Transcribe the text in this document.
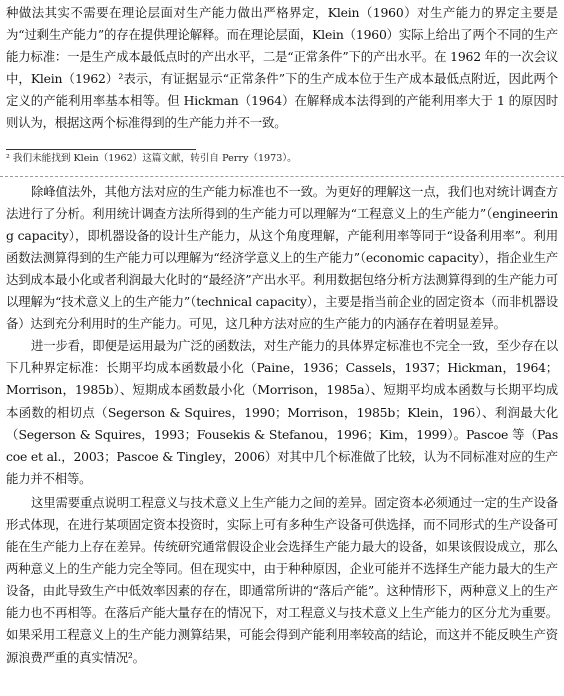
种做法其实不需要在理论层面对生产能力做出严格界定，Klein（1960）对生产能力的界定主要是为“过剩生产能力”的存在提供理论解释。而在理论层面，Klein（1960）实际上给出了两个不同的生产能力标准：一是生产成本最低点时的产出水平，二是“正常条件”下的产出水平。在 1962 年的一次会议中，Klein（1962）²表示，有证据显示“正常条件”下的生产成本位于生产成本最低点附近，因此两个定义的产能利用率基本相等。但 Hickman（1964）在解释成本法得到的产能利用率大于 1 的原因时则认为，根据这两个标准得到的生产能力并不一致。

² 我们未能找到 Klein（1962）这篇文献，转引自 Perry（1973）。

除峰值法外，其他方法对应的生产能力标准也不一致。为更好的理解这一点，我们也对统计调查方法进行了分析。利用统计调查方法所得到的生产能力可以理解为“工程意义上的生产能力”（engineering capacity），即机器设备的设计生产能力，从这个角度理解，产能利用率等同于“设备利用率”。利用函数法测算得到的生产能力可以理解为“经济学意义上的生产能力”（economic capacity），指企业生产达到成本最小化或者利润最大化时的“最经济”产出水平。利用数据包络分析方法测算得到的生产能力可以理解为“技术意义上的生产能力”（technical capacity），主要是指当前企业的固定资本（而非机器设备）达到充分利用时的生产能力。可见，这几种方法对应的生产能力的内涵存在着明显差异。

进一步看，即便是运用最为广泛的函数法，对生产能力的具体界定标准也不完全一致，至少存在以下几种界定标准：长期平均成本函数最小化（Paine，1936；Cassels，1937；Hickman，1964；Morrison，1985b）、短期成本函数最小化（Morrison，1985a）、短期平均成本函数与长期平均成本函数的相切点（Segerson & Squires，1990；Morrison，1985b；Klein，196）、利润最大化（Segerson & Squires，1993；Fousekis & Stefanou，1996；Kim，1999）。Pascoe 等（Pascoe et al.，2003；Pascoe & Tingley，2006）对其中几个标准做了比较，认为不同标准对应的生产能力并不相等。

这里需要重点说明工程意义与技术意义上生产能力之间的差异。固定资本必须通过一定的生产设备形式体现，在进行某项固定资本投资时，实际上可有多种生产设备可供选择，而不同形式的生产设备可能在生产能力上存在差异。传统研究通常假设企业会选择生产能力最大的设备，如果该假设成立，那么两种意义上的生产能力完全等同。但在现实中，由于种种原因，企业可能并不选择生产能力最大的生产设备，由此导致生产中低效率因素的存在，即通常所讲的“落后产能”。这种情形下，两种意义上的生产能力也不再相等。在落后产能大量存在的情况下，对工程意义与技术意义上生产能力的区分尤为重要。如果采用工程意义上的生产能力测算结果，可能会得到产能利用率较高的结论，而这并不能反映生产资源浪费严重的真实情况²。
